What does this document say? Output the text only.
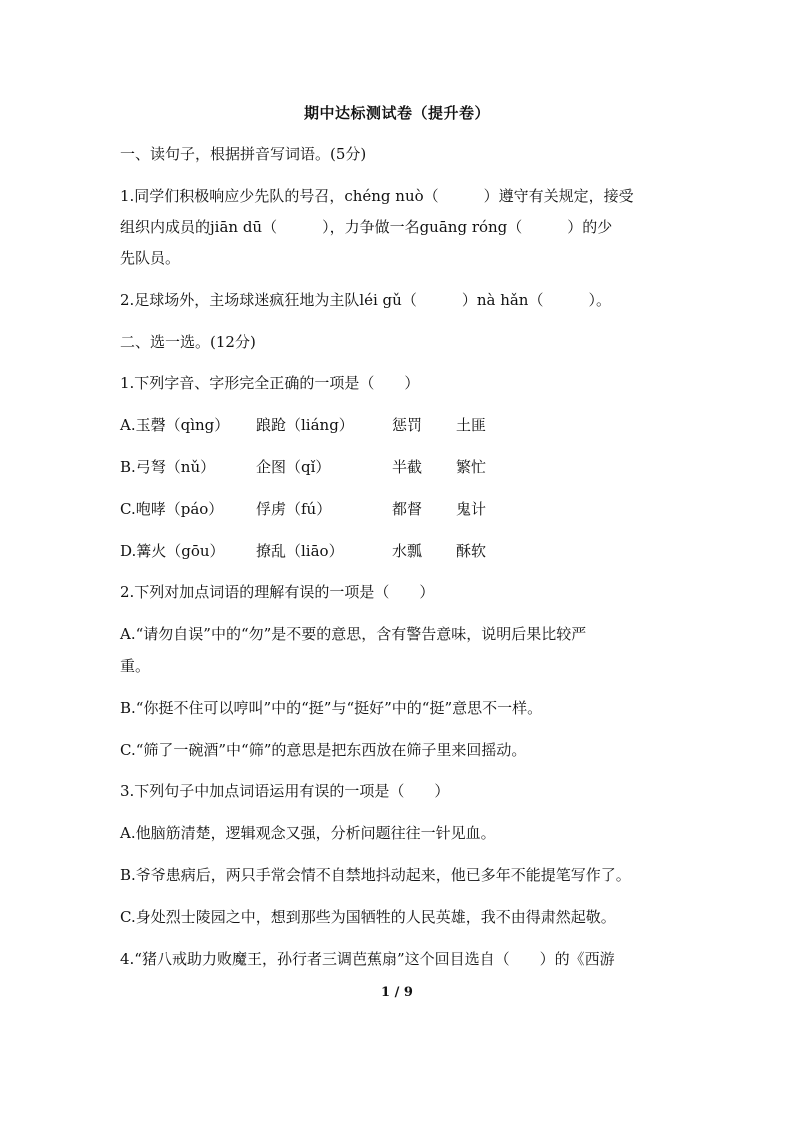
期中达标测试卷（提升卷）
一、读句子，根据拼音写词语。(5分)
1.同学们积极响应少先队的号召，chéng nuò（　　　）遵守有关规定，接受
组织内成员的jiān dū（　　　），力争做一名guāng róng（　　　）的少
先队员。
2.足球场外，主场球迷疯狂地为主队léi gǔ（　　　）nà hǎn（　　　）。
二、选一选。(12分)
1.下列字音、字形完全正确的一项是（　　）
A.玉磬（qìng） 踉跄（liáng）	惩罚 土匪
B.弓弩（nǔ）	企图（qǐ）	半截 繁忙
C.咆哮（páo） 俘虏（fú）	都督 鬼计
D.篝火（gōu） 撩乱（liāo）	水瓢 酥软
2.下列对加点词语的理解有误的一项是（　　）
A.“请勿自误”中的“勿”是不要的意思，含有警告意味，说明后果比较严
重。
B.“你挺不住可以哼叫”中的“挺”与“挺好”中的“挺”意思不一样。
C.“筛了一碗酒”中“筛”的意思是把东西放在筛子里来回摇动。
3.下列句子中加点词语运用有误的一项是（　　）
A.他脑筋清楚，逻辑观念又强，分析问题往往一针见血。
B.爷爷患病后，两只手常会情不自禁地抖动起来，他已多年不能提笔写作了。
C.身处烈士陵园之中，想到那些为国牺牲的人民英雄，我不由得肃然起敬。
4.“猪八戒助力败魔王，孙行者三调芭蕉扇”这个回目选自（　　）的《西游
1 / 9
